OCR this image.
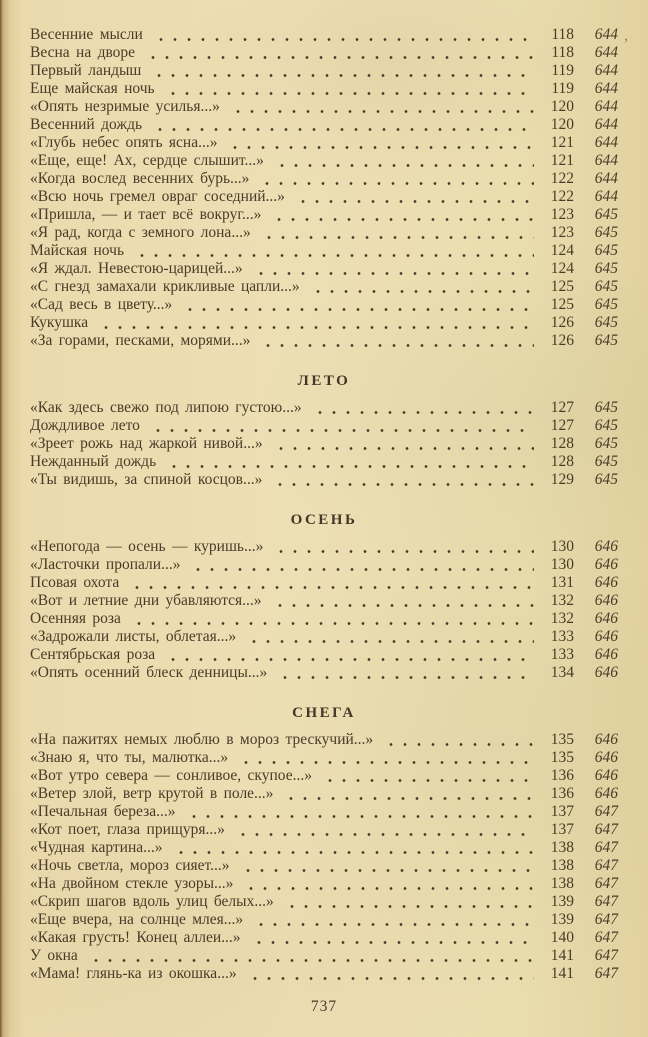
,
Весенние мысли	118	644
Весна на дворе	118	644
Первый ландыш	119	644
Еще майская ночь	119	644
«Опять незримые усилья...»	120	644
Весенний дождь	120	644
«Глубь небес опять ясна...»	121	644
«Еще, еще! Ах, сердце слышит...»	121	644
«Когда вослед весенних бурь...»	122	644
«Всю ночь гремел овраг соседний...»	122	644
«Пришла, — и тает всё вокруг...»	123	645
«Я рад, когда с земного лона...»	123	645
Майская ночь	124	645
«Я ждал. Невестою-царицей...»	124	645
«С гнезд замахали крикливые цапли...»	125	645
«Сад весь в цвету...»	125	645
Кукушка	126	645
«За горами, песками, морями...»	126	645
ЛЕТО
«Как здесь свежо под липою густою...»	127	645
Дождливое лето	127	645
«Зреет рожь над жаркой нивой...»	128	645
Нежданный дождь	128	645
«Ты видишь, за спиной косцов...»	129	645
ОСЕНЬ
«Непогода — осень — куришь...»	130	646
«Ласточки пропали...»	130	646
Псовая охота	131	646
«Вот и летние дни убавляются...»	132	646
Осенняя роза	132	646
«Задрожали листы, облетая...»	133	646
Сентябрьская роза	133	646
«Опять осенний блеск денницы...»	134	646
СНЕГА
«На пажитях немых люблю в мороз трескучий...»	135	646
«Знаю я, что ты, малютка...»	135	646
«Вот утро севера — сонливое, скупое...»	136	646
«Ветер злой, ветр крутой в поле...»	136	646
«Печальная береза...»	137	647
«Кот поет, глаза прищуря...»	137	647
«Чудная картина...»	138	647
«Ночь светла, мороз сияет...»	138	647
«На двойном стекле узоры...»	138	647
«Скрип шагов вдоль улиц белых...»	139	647
«Еще вчера, на солнце млея...»	139	647
«Какая грусть! Конец аллеи...»	140	647
У окна	141	647
«Мама! глянь-ка из окошка...»	141	647
737
